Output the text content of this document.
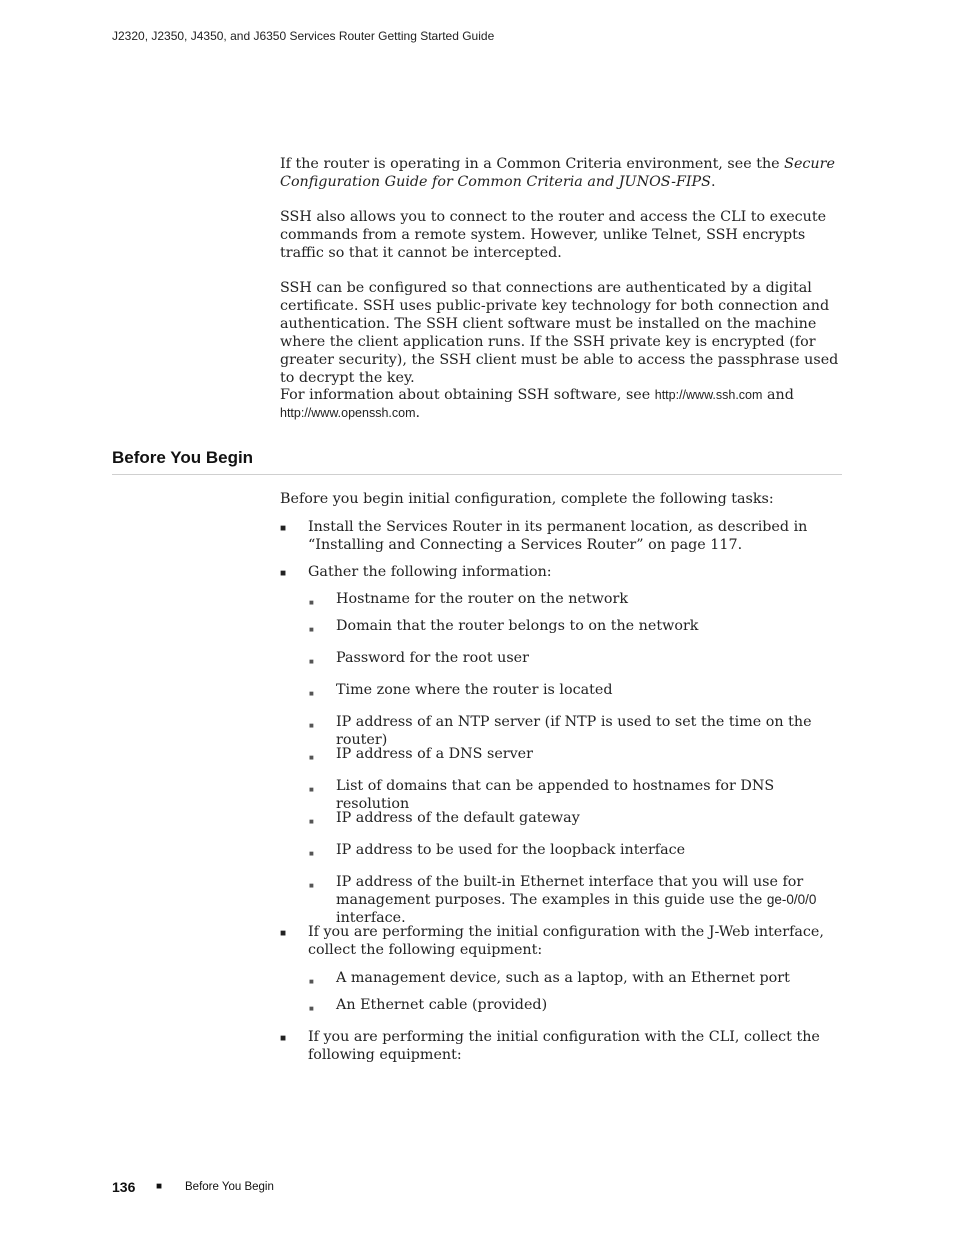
J2320, J2350, J4350, and J6350 Services Router Getting Started Guide

If the router is operating in a Common Criteria environment, see the Secure Configuration Guide for Common Criteria and JUNOS-FIPS.

SSH also allows you to connect to the router and access the CLI to execute commands from a remote system. However, unlike Telnet, SSH encrypts traffic so that it cannot be intercepted.

SSH can be configured so that connections are authenticated by a digital certificate. SSH uses public-private key technology for both connection and authentication. The SSH client software must be installed on the machine where the client application runs. If the SSH private key is encrypted (for greater security), the SSH client must be able to access the passphrase used to decrypt the key.

For information about obtaining SSH software, see http://www.ssh.com and
http://www.openssh.com.

Before You Begin

Before you begin initial configuration, complete the following tasks:

■ Install the Services Router in its permanent location, as described in “Installing and Connecting a Services Router” on page 117.

■ Gather the following information:

■ Hostname for the router on the network

■ Domain that the router belongs to on the network

■ Password for the root user

■ Time zone where the router is located

■ IP address of an NTP server (if NTP is used to set the time on the router)

■ IP address of a DNS server

■ List of domains that can be appended to hostnames for DNS resolution

■ IP address of the default gateway

■ IP address to be used for the loopback interface

■ IP address of the built-in Ethernet interface that you will use for management purposes. The examples in this guide use the ge-0/0/0 interface.

■ If you are performing the initial configuration with the J-Web interface, collect the following equipment:

■ A management device, such as a laptop, with an Ethernet port

■ An Ethernet cable (provided)

■ If you are performing the initial configuration with the CLI, collect the following equipment:

136 ■ Before You Begin
